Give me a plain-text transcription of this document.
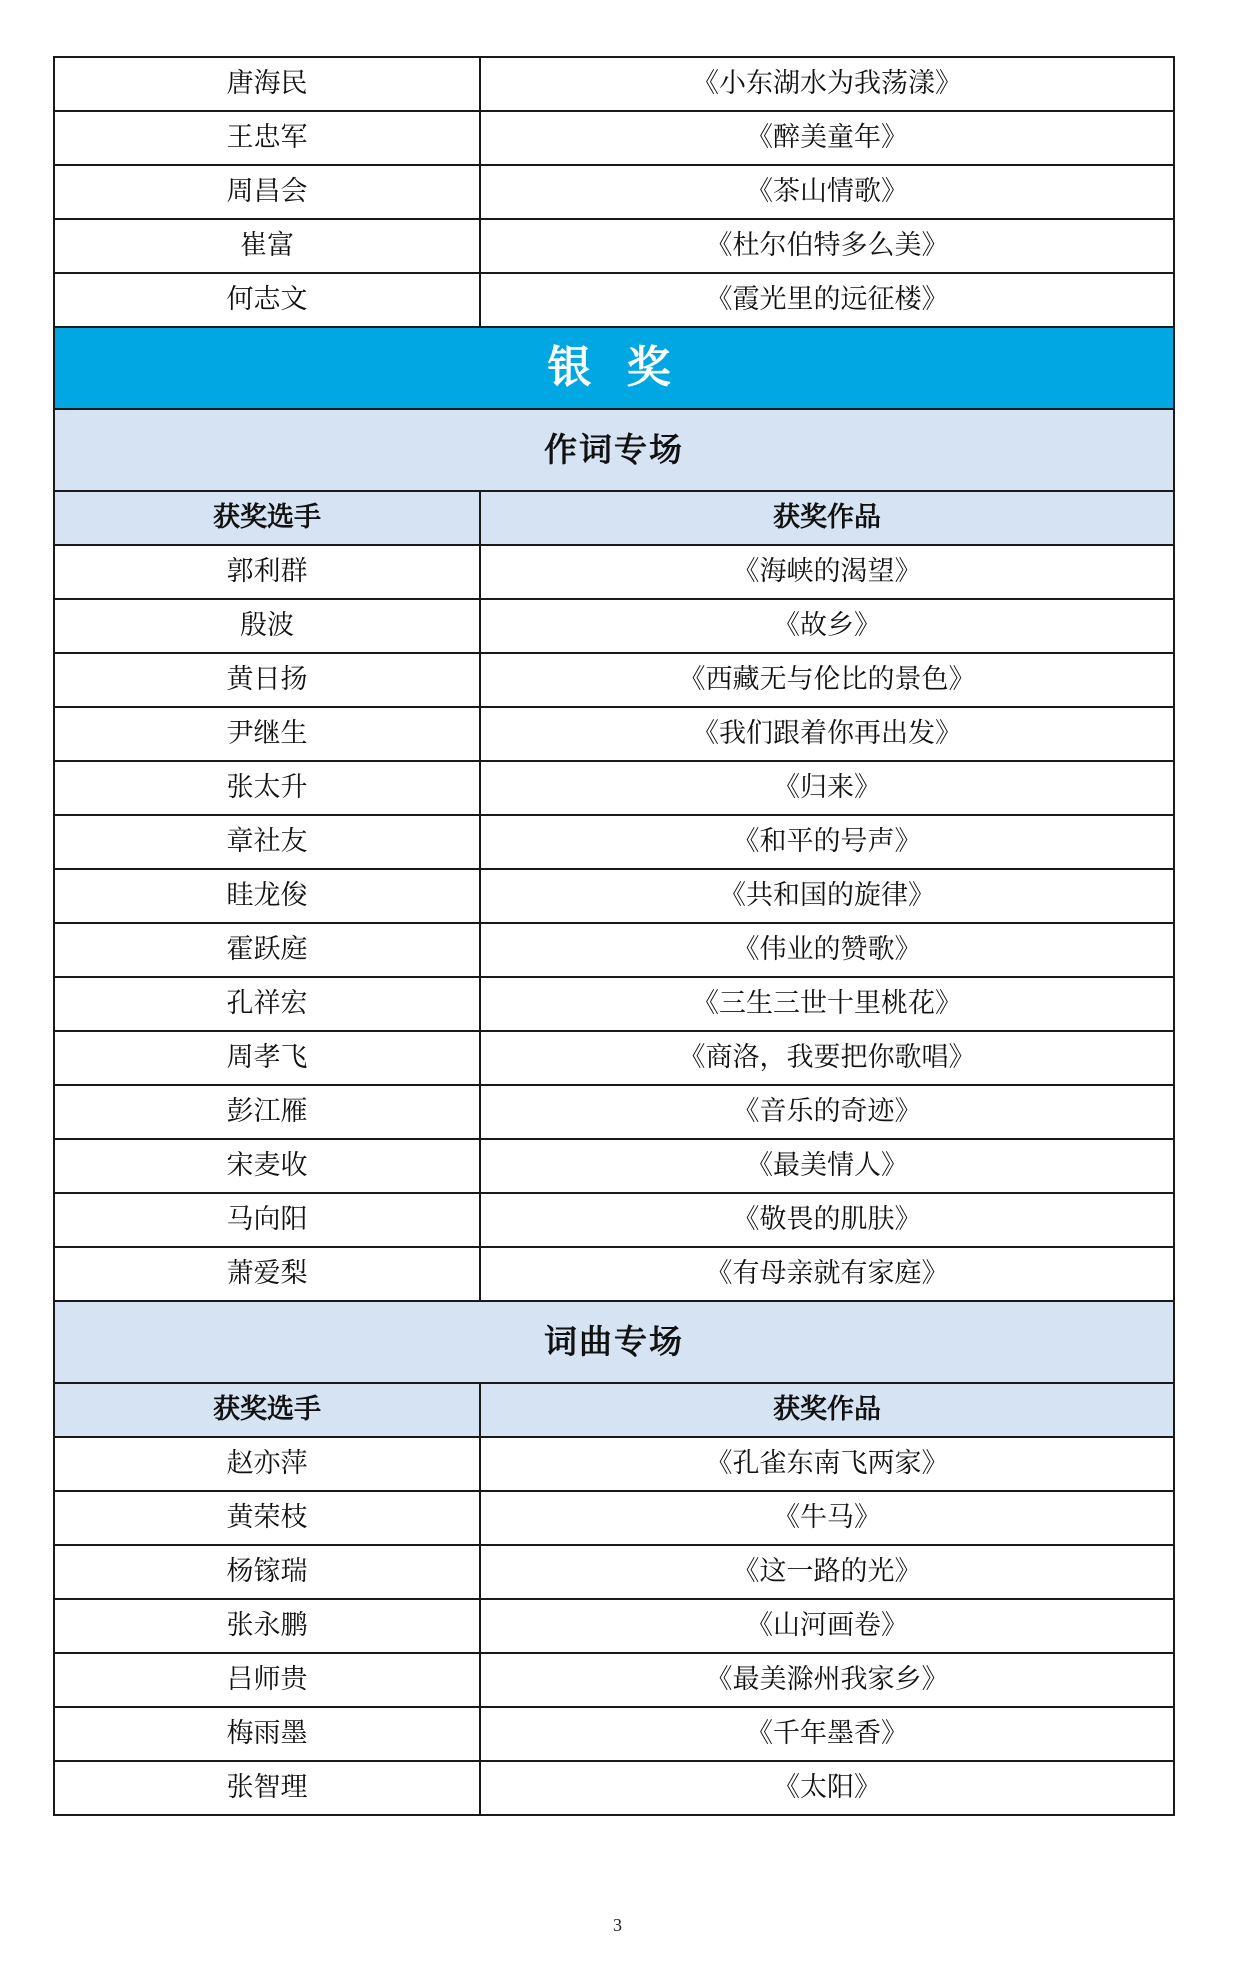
唐海民	《小东湖水为我荡漾》
王忠军	《醉美童年》
周昌会	《茶山情歌》
崔富	《杜尔伯特多么美》
何志文	《霞光里的远征楼》
银 奖	
作词专场	
获奖选手	获奖作品
郭利群	《海峡的渴望》
殷波	《故乡》
黄日扬	《西藏无与伦比的景色》
尹继生	《我们跟着你再出发》
张太升	《归来》
章社友	《和平的号声》
眭龙俊	《共和国的旋律》
霍跃庭	《伟业的赞歌》
孔祥宏	《三生三世十里桃花》
周孝飞	《商洛，我要把你歌唱》
彭江雁	《音乐的奇迹》
宋麦收	《最美情人》
马向阳	《敬畏的肌肤》
萧爱梨	《有母亲就有家庭》
词曲专场	
获奖选手	获奖作品
赵亦萍	《孔雀东南飞两家》
黄荣枝	《牛马》
杨镓瑞	《这一路的光》
张永鹏	《山河画卷》
吕师贵	《最美滁州我家乡》
梅雨墨	《千年墨香》
张智理	《太阳》
3
